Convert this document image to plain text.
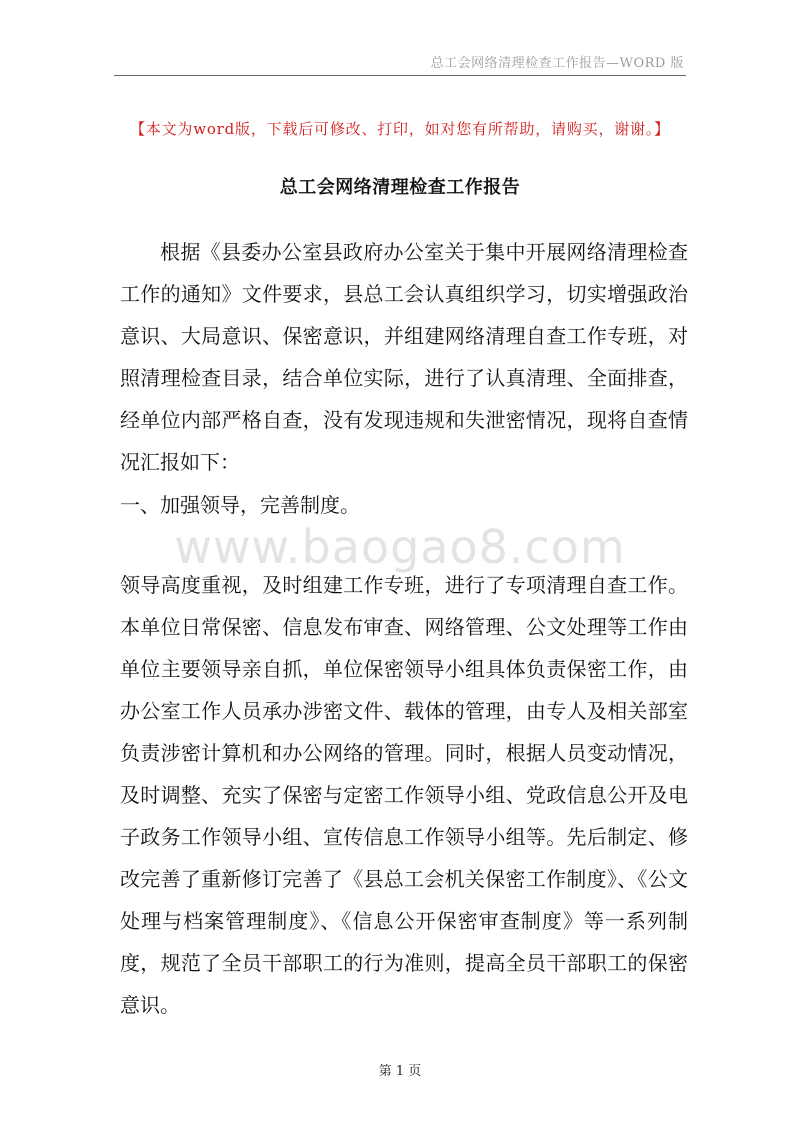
总工会网络清理检查工作报告—WORD 版
【本文为word版，下载后可修改、打印，如对您有所帮助，请购买，谢谢。】
总工会网络清理检查工作报告

根据《县委办公室县政府办公室关于集中开展网络清理检查工作的通知》文件要求，县总工会认真组织学习，切实增强政治意识、大局意识、保密意识，并组建网络清理自查工作专班，对照清理检查目录，结合单位实际，进行了认真清理、全面排查，经单位内部严格自查，没有发现违规和失泄密情况，现将自查情况汇报如下：

一、加强领导，完善制度。

www.baogao8.com

领导高度重视，及时组建工作专班，进行了专项清理自查工作。本单位日常保密、信息发布审查、网络管理、公文处理等工作由单位主要领导亲自抓，单位保密领导小组具体负责保密工作，由办公室工作人员承办涉密文件、载体的管理，由专人及相关部室负责涉密计算机和办公网络的管理。同时，根据人员变动情况，及时调整、充实了保密与定密工作领导小组、党政信息公开及电子政务工作领导小组、宣传信息工作领导小组等。先后制定、修改完善了重新修订完善了《县总工会机关保密工作制度》、《公文处理与档案管理制度》、《信息公开保密审查制度》等一系列制度，规范了全员干部职工的行为准则，提高全员干部职工的保密意识。

第 1 页
